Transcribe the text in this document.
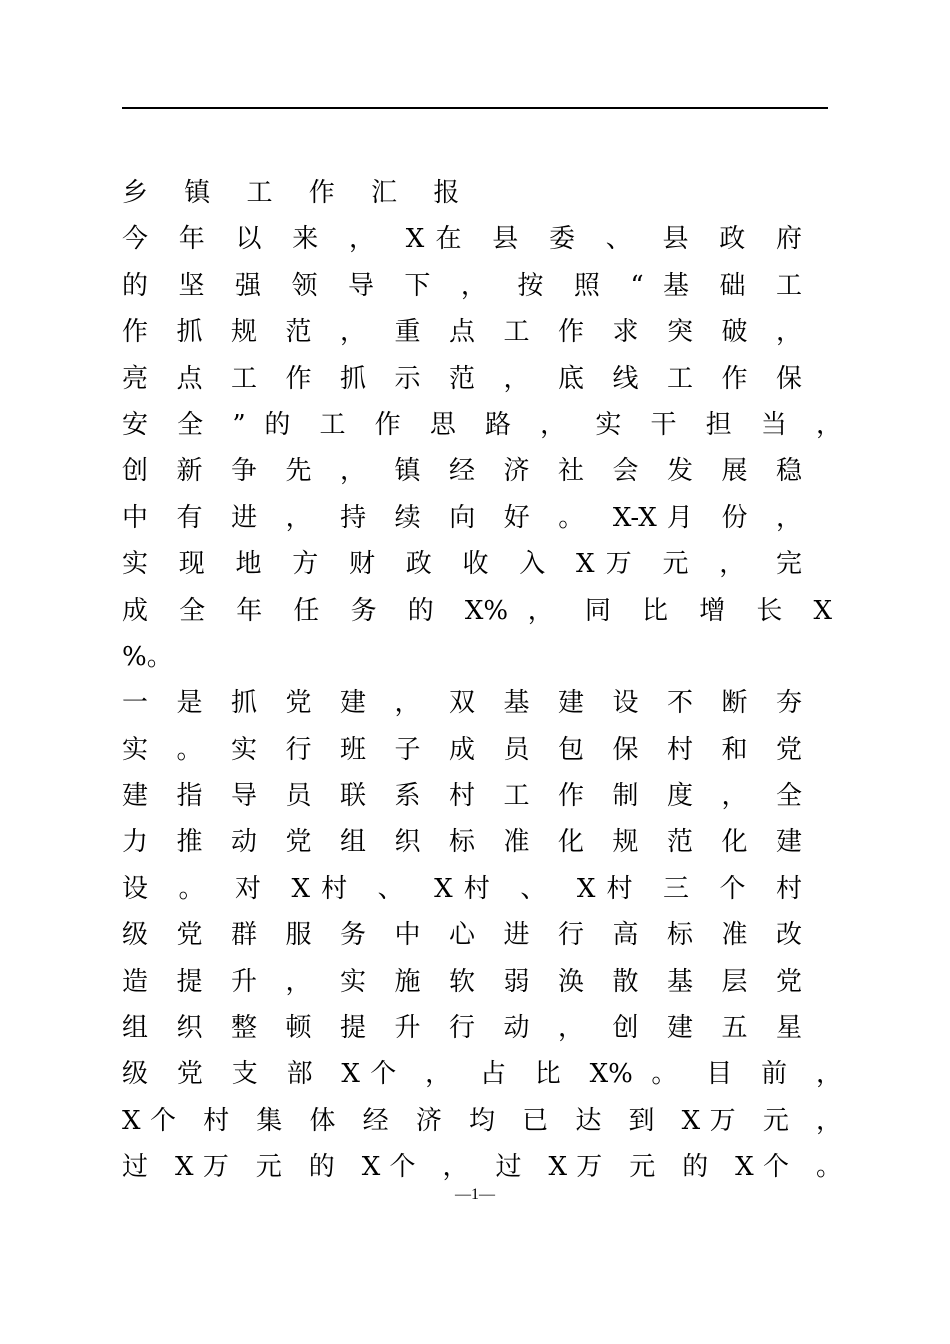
乡 镇 工 作 汇 报
今 年 以 来 ， X在 县 委 、 县 政 府
的 坚 强 领 导 下 ， 按 照 “ 基 础 工
作 抓 规 范 ， 重 点 工 作 求 突 破 ，
亮 点 工 作 抓 示 范 ， 底 线 工 作 保
安 全 ” 的 工 作 思 路 ， 实 干 担 当 ，
创 新 争 先 ， 镇 经 济 社 会 发 展 稳
中 有 进 ， 持 续 向 好 。 X-X月 份 ，
实 现 地 方 财 政 收 入 X万 元 ， 完
成 全 年 任 务 的 X% ， 同 比 增 长 X
%。
一 是 抓 党 建 ， 双 基 建 设 不 断 夯
实 。 实 行 班 子 成 员 包 保 村 和 党
建 指 导 员 联 系 村 工 作 制 度 ， 全
力 推 动 党 组 织 标 准 化 规 范 化 建
设 。 对 X村 、 X村 、 X村 三 个 村
级 党 群 服 务 中 心 进 行 高 标 准 改
造 提 升 ， 实 施 软 弱 涣 散 基 层 党
组 织 整 顿 提 升 行 动 ， 创 建 五 星
级 党 支 部 X个 ， 占 比 X% 。 目 前 ，
X个 村 集 体 经 济 均 已 达 到 X万 元 ，
过 X万 元 的 X个 ， 过 X万 元 的 X个 。
—1—
